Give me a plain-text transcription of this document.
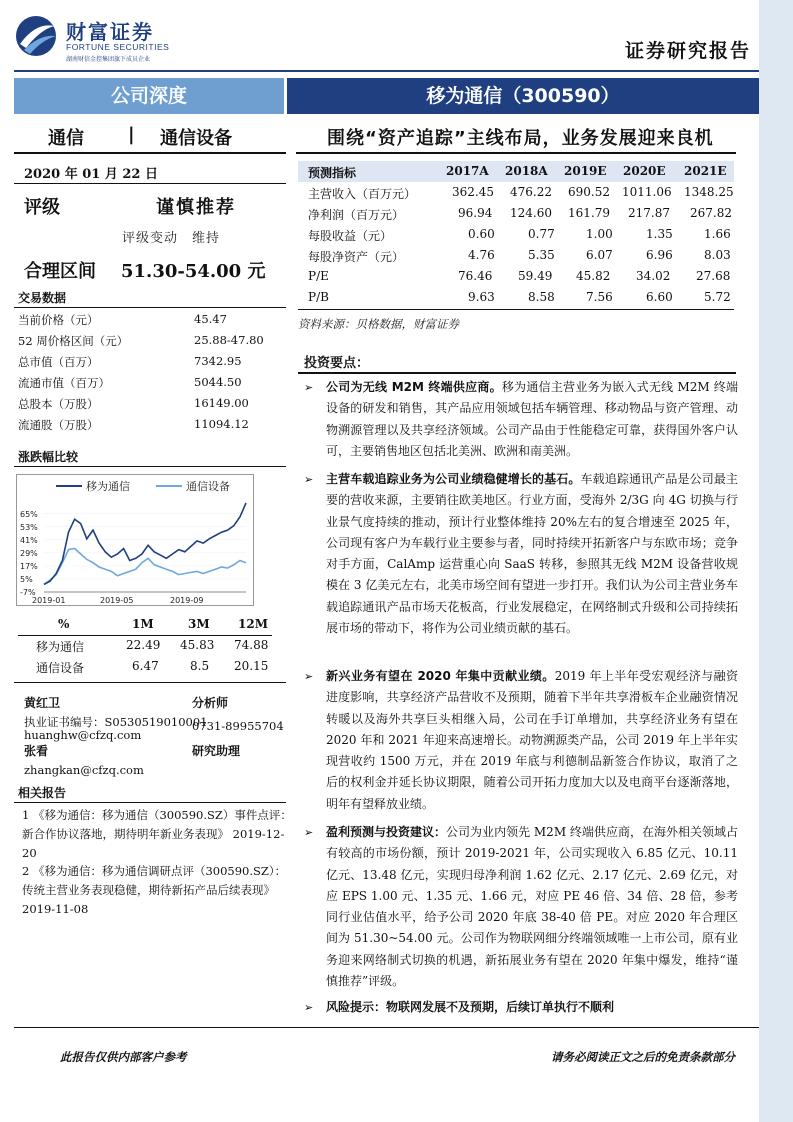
财富证券
FORTUNE SECURITIES
湖南财信金控集团旗下成员企业	证券研究报告
公司深度	移为通信（300590）
通信 | 通信设备	围绕“资产追踪”主线布局，业务发展迎来良机
2020 年 01 月 22 日
评级	谨慎推荐
评级变动　维持
合理区间 51.30-54.00 元
交易数据
当前价格（元）	45.47
52 周价格区间（元）	25.88-47.80
总市值（百万）	7342.95
流通市值（百万）	5044.50
总股本（万股）	16149.00
流通股（万股）	11094.12
涨跌幅比较
移为通信	通信设备
65%
53%
41%
29%
17%
5%
-7%
2019-01	2019-05	2019-09
%	1M	3M 12M
移为通信	22.49 45.83 74.88
通信设备	6.47	8.5 20.15
黄红卫	分析师
执业证书编号：S0530519010001
0731-89955704
huanghw@cfzq.com
张看	研究助理
zhangkan@cfzq.com
相关报告
1 《移为通信：移为通信（300590.SZ）事件点评：新合作协议落地，期待明年新业务表现》 2019-12-20
2 《移为通信：移为通信调研点评（300590.SZ）：传统主营业务表现稳健，期待新拓产品后续表现》 2019-11-08
预测指标	2017A 2018A 2019E 2020E 2021E
主营收入（百万元）	362.45 476.22 690.52 1011.06 1348.25
净利润（百万元）	96.94 124.60 161.79 217.87 267.82
每股收益（元）	0.60	0.77	1.00	1.35	1.66
每股净资产（元）	4.76	5.35	6.07	6.96	8.03
P/E	76.46 59.49 45.82 34.02 27.68
P/B	9.63	8.58	7.56	6.60	5.72
资料来源：贝格数据，财富证券
投资要点：
➢	公司为无线 M2M 终端供应商。移为通信主营业务为嵌入式无线 M2M 终端设备的研发和销售，其产品应用领域包括车辆管理、移动物品与资产管理、动物溯源管理以及共享经济领域。公司产品由于性能稳定可靠，获得国外客户认可，主要销售地区包括北美洲、欧洲和南美洲。
➢	主营车载追踪业务为公司业绩稳健增长的基石。车载追踪通讯产品是公司最主要的营收来源，主要销往欧美地区。行业方面，受海外 2/3G 向 4G 切换与行业景气度持续的推动，预计行业整体维持 20%左右的复合增速至 2025 年，公司现有客户为车载行业主要参与者，同时持续开拓新客户与东欧市场；竞争对手方面，CalAmp 运营重心向 SaaS 转移，参照其无线 M2M 设备营收规模在 3 亿美元左右，北美市场空间有望进一步打开。我们认为公司主营业务车载追踪通讯产品市场天花板高，行业发展稳定，在网络制式升级和公司持续拓展市场的带动下，将作为公司业绩贡献的基石。
➢	新兴业务有望在 2020 年集中贡献业绩。2019 年上半年受宏观经济与融资进度影响，共享经济产品营收不及预期，随着下半年共享滑板车企业融资情况转暖以及海外共享巨头相继入局，公司在手订单增加，共享经济业务有望在 2020 年和 2021 年迎来高速增长。动物溯源类产品，公司 2019 年上半年实现营收约 1500 万元，并在 2019 年底与利德制品新签合作协议，取消了之后的权利金并延长协议期限，随着公司开拓力度加大以及电商平台逐渐落地，明年有望释放业绩。
➢	盈利预测与投资建议：公司为业内领先 M2M 终端供应商，在海外相关领域占有较高的市场份额，预计 2019-2021 年，公司实现收入 6.85 亿元、10.11 亿元、13.48 亿元，实现归母净利润 1.62 亿元、2.17 亿元、2.69 亿元，对应 EPS 1.00 元、1.35 元、1.66 元，对应 PE 46 倍、34 倍、28 倍，参考同行业估值水平，给予公司 2020 年底 38-40 倍 PE。对应 2020 年合理区间为 51.30~54.00 元。公司作为物联网细分终端领域唯一上市公司，原有业务迎来网络制式切换的机遇，新拓展业务有望在 2020 年集中爆发，维持“谨慎推荐”评级。
➢	风险提示：物联网发展不及预期，后续订单执行不顺利
此报告仅供内部客户参考	请务必阅读正文之后的免责条款部分
